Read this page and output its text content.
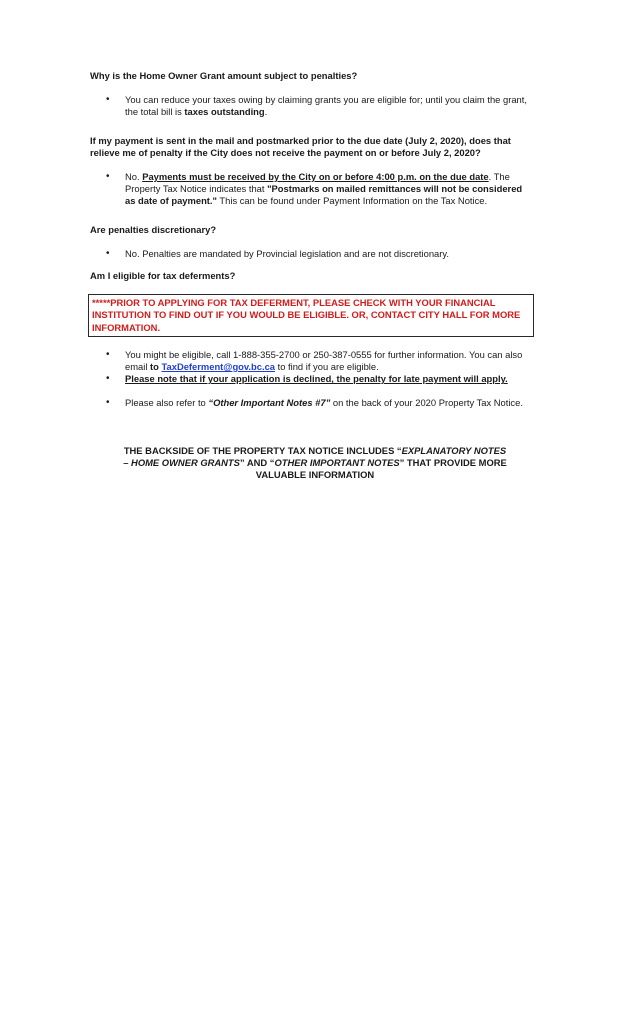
Why is the Home Owner Grant amount subject to penalties?

• You can reduce your taxes owing by claiming grants you are eligible for; until you claim the grant, the total bill is taxes outstanding.

If my payment is sent in the mail and postmarked prior to the due date (July 2, 2020), does that relieve me of penalty if the City does not receive the payment on or before July 2, 2020?

• No. Payments must be received by the City on or before 4:00 p.m. on the due date. The Property Tax Notice indicates that "Postmarks on mailed remittances will not be considered as date of payment." This can be found under Payment Information on the Tax Notice.

Are penalties discretionary?

• No. Penalties are mandated by Provincial legislation and are not discretionary.

Am I eligible for tax deferments?

*****PRIOR TO APPLYING FOR TAX DEFERMENT, PLEASE CHECK WITH YOUR FINANCIAL INSTITUTION TO FIND OUT IF YOU WOULD BE ELIGIBLE. OR, CONTACT CITY HALL FOR MORE INFORMATION.
• You might be eligible, call 1-888-355-2700 or 250-387-0555 for further information. You can also email to TaxDeferment@gov.bc.ca to find if you are eligible.
• Please note that if your application is declined, the penalty for late payment will apply.
• Please also refer to “Other Important Notes #7” on the back of your 2020 Property Tax Notice.

THE BACKSIDE OF THE PROPERTY TAX NOTICE INCLUDES “EXPLANATORY NOTES – HOME OWNER GRANTS” AND “OTHER IMPORTANT NOTES” THAT PROVIDE MORE VALUABLE INFORMATION
